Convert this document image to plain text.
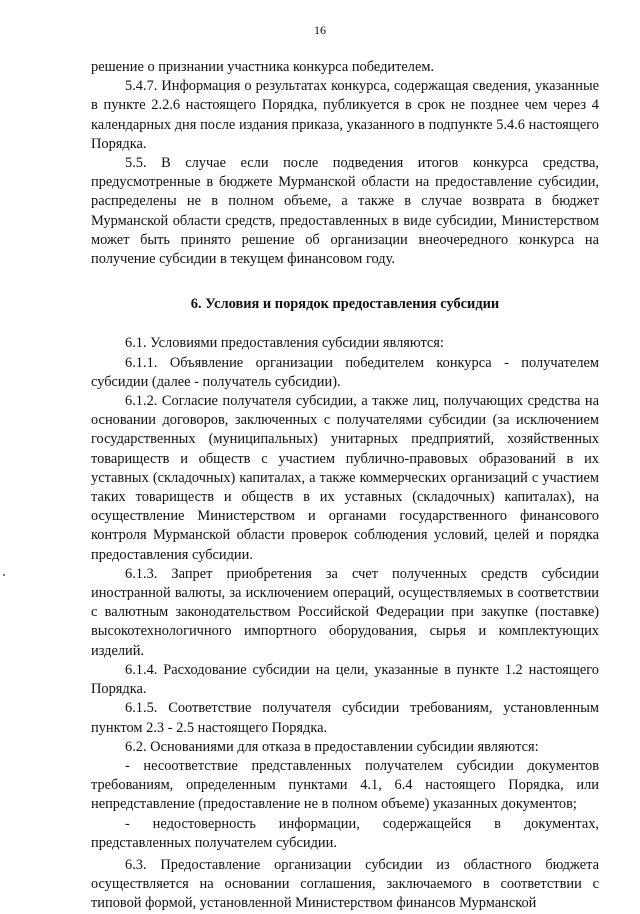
16

решение о признании участника конкурса победителем.

5.4.7. Информация о результатах конкурса, содержащая сведения, указанные в пункте 2.2.6 настоящего Порядка, публикуется в срок не позднее чем через 4 календарных дня после издания приказа, указанного в подпункте 5.4.6 настоящего Порядка.

5.5. В случае если после подведения итогов конкурса средства, предусмотренные в бюджете Мурманской области на предоставление субсидии, распределены не в полном объеме, а также в случае возврата в бюджет Мурманской области средств, предоставленных в виде субсидии, Министерством может быть принято решение об организации внеочередного конкурса на получение субсидии в текущем финансовом году.

6. Условия и порядок предоставления субсидии

6.1. Условиями предоставления субсидии являются:

6.1.1. Объявление организации победителем конкурса - получателем субсидии (далее - получатель субсидии).

6.1.2. Согласие получателя субсидии, а также лиц, получающих средства на основании договоров, заключенных с получателями субсидии (за исключением государственных (муниципальных) унитарных предприятий, хозяйственных товариществ и обществ с участием публично-правовых образований в их уставных (складочных) капиталах, а также коммерческих организаций с участием таких товариществ и обществ в их уставных (складочных) капиталах), на осуществление Министерством и органами государственного финансового контроля Мурманской области проверок соблюдения условий, целей и порядка предоставления субсидии.

6.1.3. Запрет приобретения за счет полученных средств субсидии иностранной валюты, за исключением операций, осуществляемых в соответствии с валютным законодательством Российской Федерации при закупке (поставке) высокотехнологичного импортного оборудования, сырья и комплектующих изделий.

6.1.4. Расходование субсидии на цели, указанные в пункте 1.2 настоящего Порядка.

6.1.5. Соответствие получателя субсидии требованиям, установленным пунктом 2.3 - 2.5 настоящего Порядка.

6.2. Основаниями для отказа в предоставлении субсидии являются:

- несоответствие представленных получателем субсидии документов требованиям, определенным пунктами 4.1, 6.4 настоящего Порядка, или непредставление (предоставление не в полном объеме) указанных документов;

- недостоверность информации, содержащейся в документах, представленных получателем субсидии.

6.3. Предоставление организации субсидии из областного бюджета осуществляется на основании соглашения, заключаемого в соответствии с типовой формой, установленной Министерством финансов Мурманской
